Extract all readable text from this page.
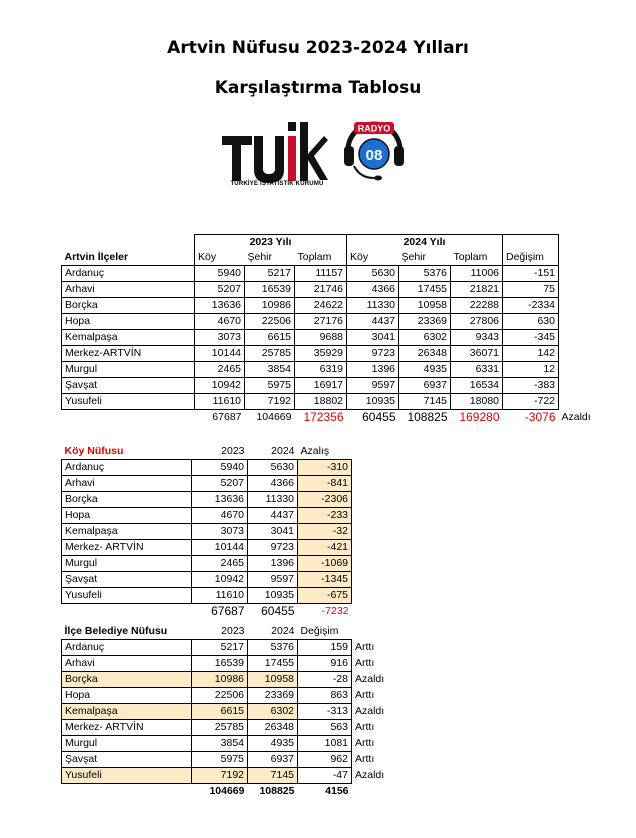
Artvin Nüfusu 2023-2024 Yılları
Karşılaştırma Tablosu
TÜRKİYE İSTATİSTİK KURUMU
RADYO
08
	2023 Yılı			2024 Yılı				
Artvin İlçeler	Köy	Şehir	Toplam	Köy	Şehir	Toplam	Değişim	
Ardanuç	5940	5217	11157	5630	5376	11006	-151	
Arhavi	5207	16539	21746	4366	17455	21821	75	
Borçka	13636	10986	24622	11330	10958	22288	-2334	
Hopa	4670	22506	27176	4437	23369	27806	630	
Kemalpaşa	3073	6615	9688	3041	6302	9343	-345	
Merkez-ARTVİN	10144	25785	35929	9723	26348	36071	142	
Murgul	2465	3854	6319	1396	4935	6331	12	
Şavşat	10942	5975	16917	9597	6937	16534	-383	
Yusufeli	11610	7192	18802	10935	7145	18080	-722	
	67687	104669	172356	60455	108825	169280	-3076	Azaldı
Köy Nüfusu	2023	2024	Azalış
Ardanuç	5940	5630	-310
Arhavi	5207	4366	-841
Borçka	13636	11330	-2306
Hopa	4670	4437	-233
Kemalpaşa	3073	3041	-32
Merkez- ARTVİN	10144	9723	-421
Murgul	2465	1396	-1069
Şavşat	10942	9597	-1345
Yusufeli	11610	10935	-675
	67687	60455	-7232
İlçe Belediye Nüfusu	2023	2024	Değişim	
Ardanuç	5217	5376	159	Arttı
Arhavi	16539	17455	916	Arttı
Borçka	10986	10958	-28	Azaldı
Hopa	22506	23369	863	Arttı
Kemalpaşa	6615	6302	-313	Azaldı
Merkez- ARTVİN	25785	26348	563	Arttı
Murgul	3854	4935	1081	Arttı
Şavşat	5975	6937	962	Arttı
Yusufeli	7192	7145	-47	Azaldı
	104669	108825	4156	
